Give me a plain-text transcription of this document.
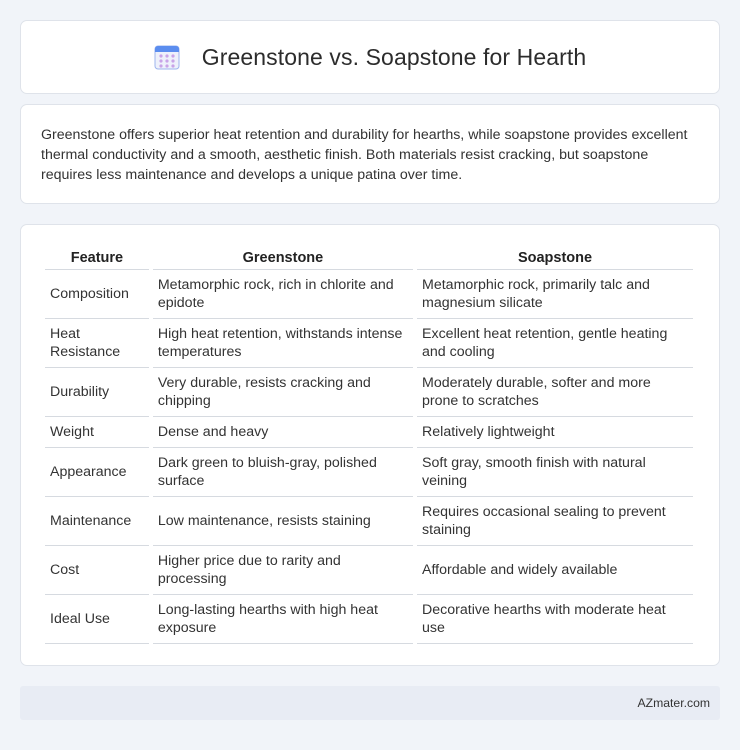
Greenstone vs. Soapstone for Hearth

Greenstone offers superior heat retention and durability for hearths, while soapstone provides excellent thermal conductivity and a smooth, aesthetic finish. Both materials resist cracking, but soapstone requires less maintenance and develops a unique patina over time.

Feature	Greenstone	Soapstone
Composition	Metamorphic rock, rich in chlorite and epidote	Metamorphic rock, primarily talc and magnesium silicate
Heat Resistance	High heat retention, withstands intense temperatures	Excellent heat retention, gentle heating and cooling
Durability	Very durable, resists cracking and chipping	Moderately durable, softer and more prone to scratches
Weight	Dense and heavy	Relatively lightweight
Appearance	Dark green to bluish-gray, polished surface	Soft gray, smooth finish with natural veining
Maintenance	Low maintenance, resists staining	Requires occasional sealing to prevent staining
Cost	Higher price due to rarity and processing	Affordable and widely available
Ideal Use	Long-lasting hearths with high heat exposure	Decorative hearths with moderate heat use
AZmater.com
